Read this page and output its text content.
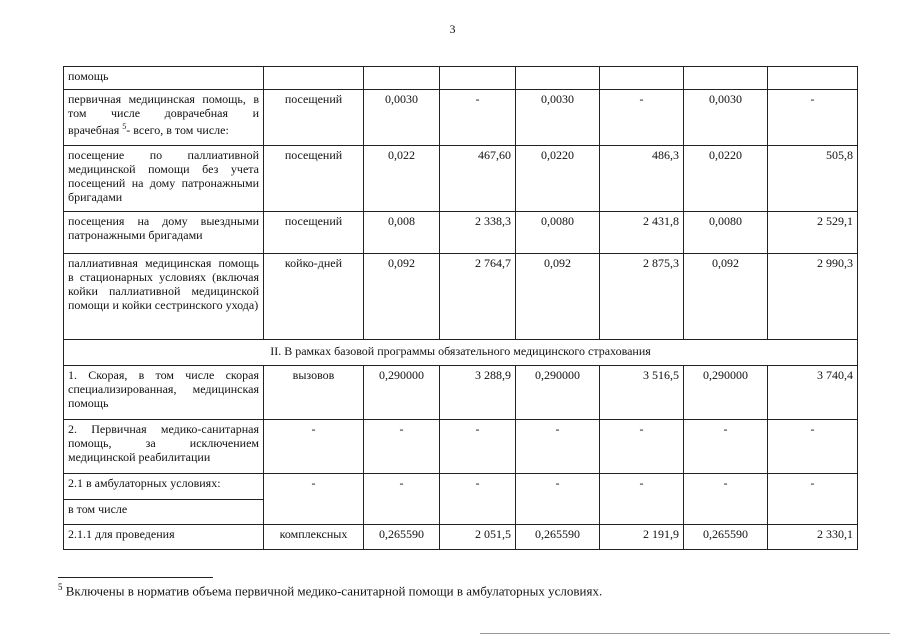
3
помощь							
первичная медицинская помощь, в том числе доврачебная и врачебная $^5$- всего, в том числе:	посещений	0,0030	-	0,0030	-	0,0030	-
посещение по паллиативной медицинской помощи без учета посещений на дому патронажными бригадами	посещений	0,022	467,60	0,0220	486,3	0,0220	505,8
посещения на дому выездными патронажными бригадами	посещений	0,008	2 338,3	0,0080	2 431,8	0,0080	2 529,1
паллиативная медицинская помощь в стационарных условиях (включая койки паллиативной медицинской помощи и койки сестринского ухода)	койко-дней	0,092	2 764,7	0,092	2 875,3	0,092	2 990,3
II. В рамках базовой программы обязательного медицинского страхования							
1. Скорая, в том числе скорая специализированная, медицинская помощь	вызовов	0,290000	3 288,9	0,290000	3 516,5	0,290000	3 740,4
2. Первичная медико-санитарная помощь, за исключением медицинской реабилитации	-	-	-	-	-	-	-
2.1 в амбулаторных условиях:	-	-	-	-	-	-	-
в том числе							
2.1.1 для проведения	комплексных	0,265590	2 051,5	0,265590	2 191,9	0,265590	2 330,1
$^5$ Включены в норматив объема первичной медико-санитарной помощи в амбулаторных условиях.
